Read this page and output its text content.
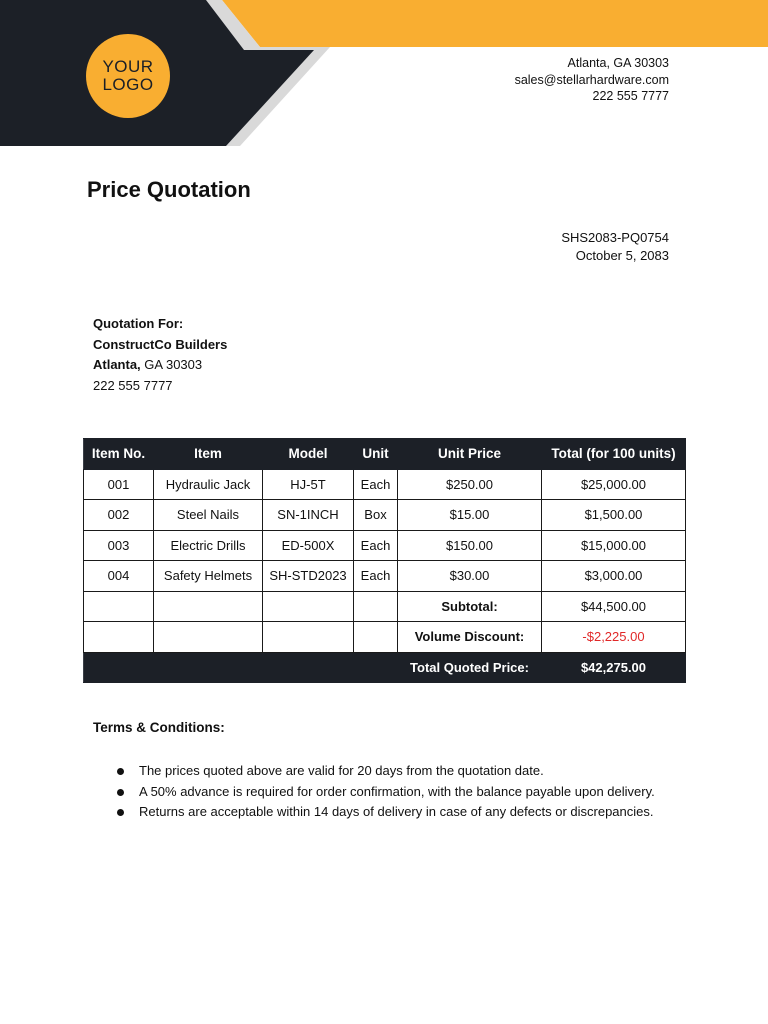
YOUR
LOGO
Atlanta, GA 30303
sales@stellarhardware.com
222 555 7777
Price Quotation
SHS2083-PQ0754
October 5, 2083
Quotation For:
ConstructCo Builders
Atlanta, GA 30303
222 555 7777
Item No.	Item	Model	Unit	Unit Price	Total (for 100 units)
001	Hydraulic Jack	HJ-5T	Each	$250.00	$25,000.00
002	Steel Nails	SN-1INCH	Box	$15.00	$1,500.00
003	Electric Drills	ED-500X	Each	$150.00	$15,000.00
004	Safety Helmets	SH-STD2023	Each	$30.00	$3,000.00
				Subtotal:	$44,500.00
				Volume Discount:	-$2,225.00
				Total Quoted Price:	$42,275.00
Terms & Conditions:
The prices quoted above are valid for 20 days from the quotation date.
A 50% advance is required for order confirmation, with the balance payable upon delivery.
Returns are acceptable within 14 days of delivery in case of any defects or discrepancies.
